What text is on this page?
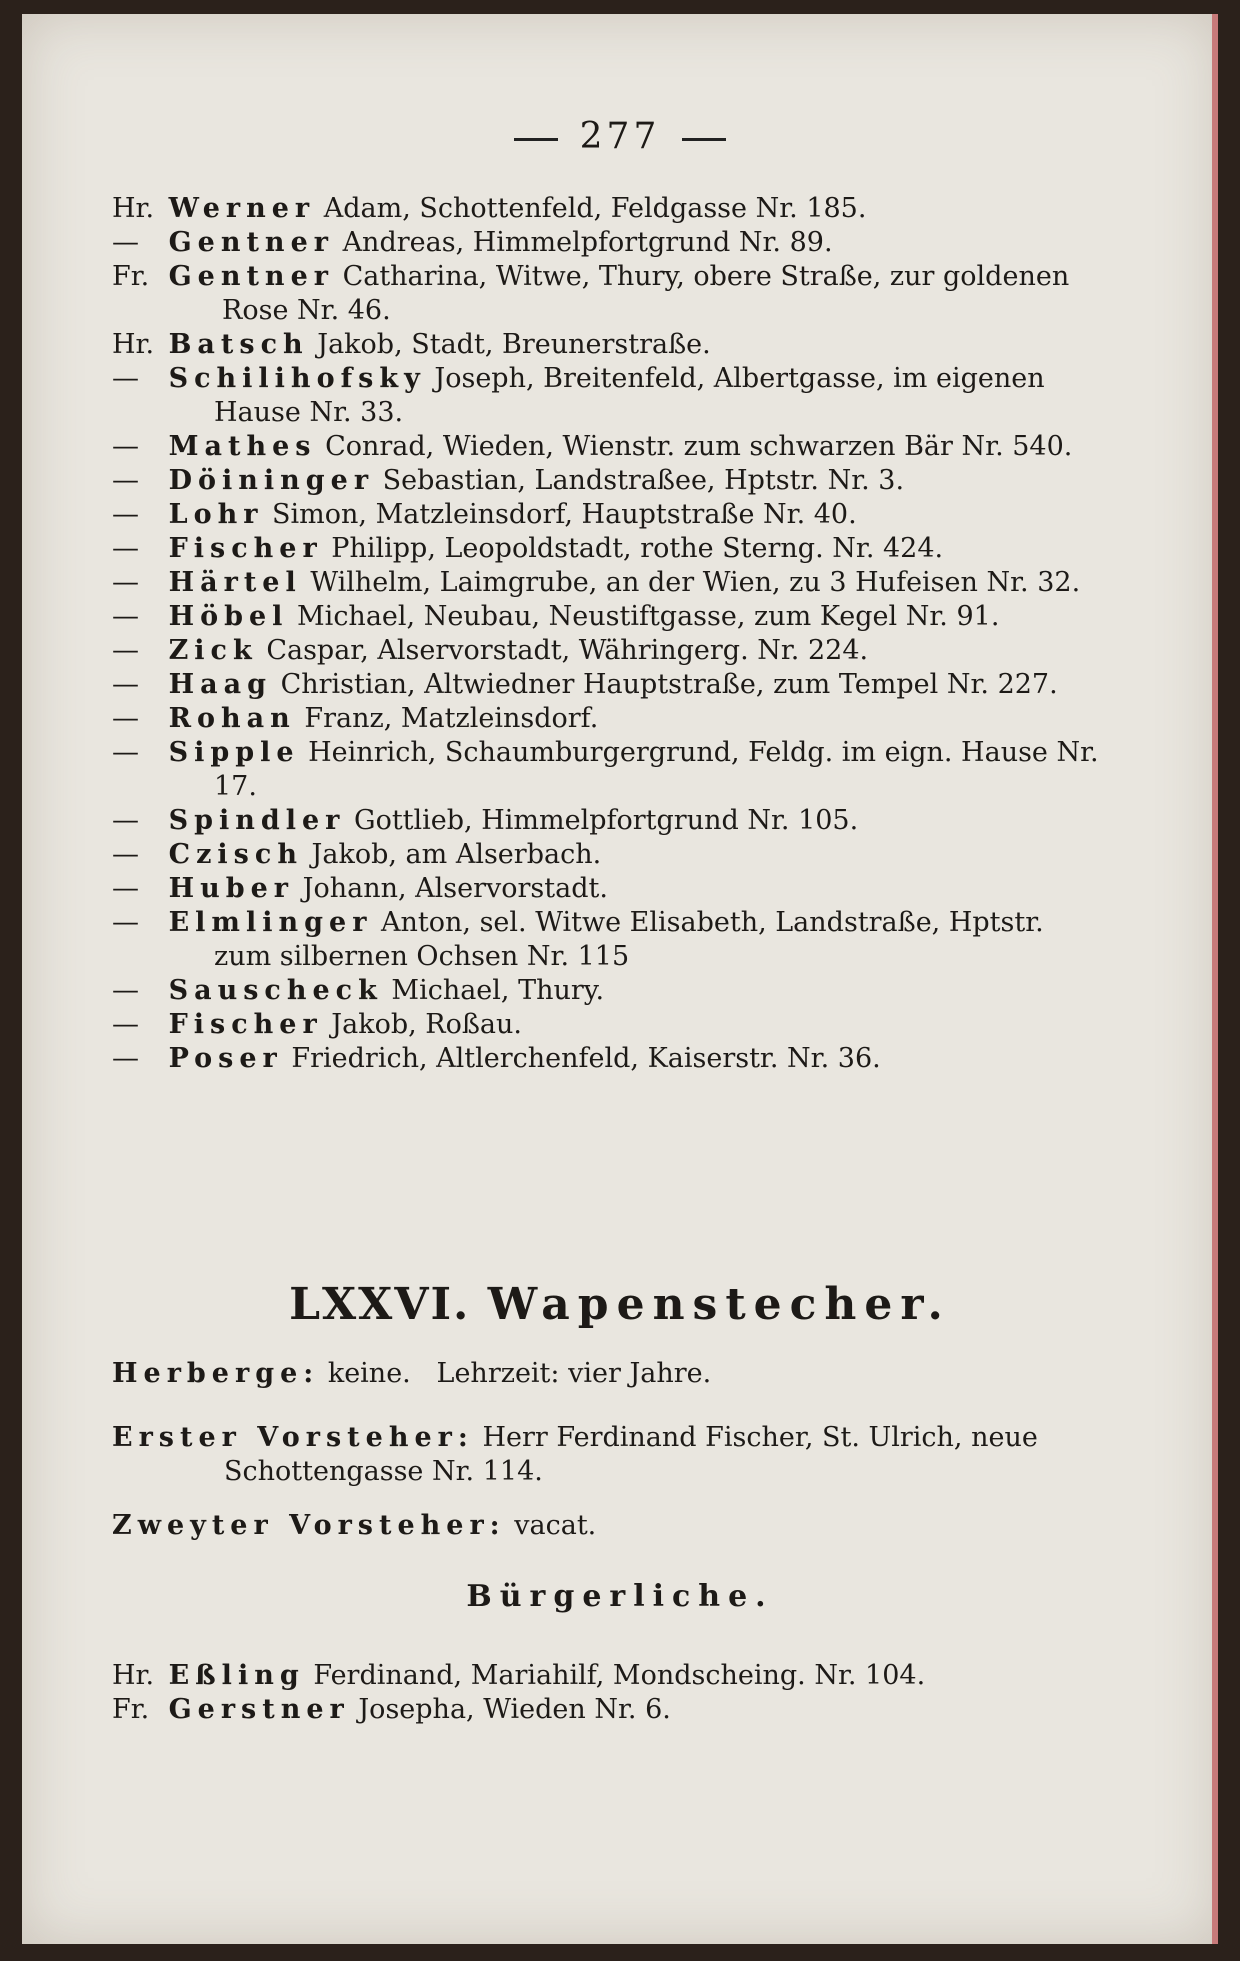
277

Hr. Werner Adam, Schottenfeld, Feldgasse Nr. 185.

— Gentner Andreas, Himmelpfortgrund Nr. 89.

Fr. Gentner Catharina, Witwe, Thury, obere Straße, zur goldenen Rose Nr. 46.

Hr. Batsch Jakob, Stadt, Breunerstraße.

— Schilihofsky Joseph, Breitenfeld, Albertgasse, im eigenen Hause Nr. 33.

— Mathes Conrad, Wieden, Wienstr. zum schwarzen Bär Nr. 540.

— Döininger Sebastian, Landstraßee, Hptstr. Nr. 3.

— Lohr Simon, Matzleinsdorf, Hauptstraße Nr. 40.

— Fischer Philipp, Leopoldstadt, rothe Sterng. Nr. 424.

— Härtel Wilhelm, Laimgrube, an der Wien, zu 3 Hufeisen Nr. 32.

— Höbel Michael, Neubau, Neustiftgasse, zum Kegel Nr. 91.

— Zick Caspar, Alservorstadt, Währingerg. Nr. 224.

— Haag Christian, Altwiedner Hauptstraße, zum Tempel Nr. 227.

— Rohan Franz, Matzleinsdorf.

— Sipple Heinrich, Schaumburgergrund, Feldg. im eign. Hause Nr. 17.

— Spindler Gottlieb, Himmelpfortgrund Nr. 105.

— Czisch Jakob, am Alserbach.

— Huber Johann, Alservorstadt.

— Elmlinger Anton, sel. Witwe Elisabeth, Landstraße, Hptstr. zum silbernen Ochsen Nr. 115

— Sauscheck Michael, Thury.

— Fischer Jakob, Roßau.

— Poser Friedrich, Altlerchenfeld, Kaiserstr. Nr. 36.

LXXVI. Wapenstecher.
Herberge: keine. Lehrzeit: vier Jahre.
Erster Vorsteher: Herr Ferdinand Fischer, St. Ulrich, neue Schottengasse Nr. 114.
Zweyter Vorsteher: vacat.
Bürgerliche.

Hr. Eßling Ferdinand, Mariahilf, Mondscheing. Nr. 104.

Fr. Gerstner Josepha, Wieden Nr. 6.
